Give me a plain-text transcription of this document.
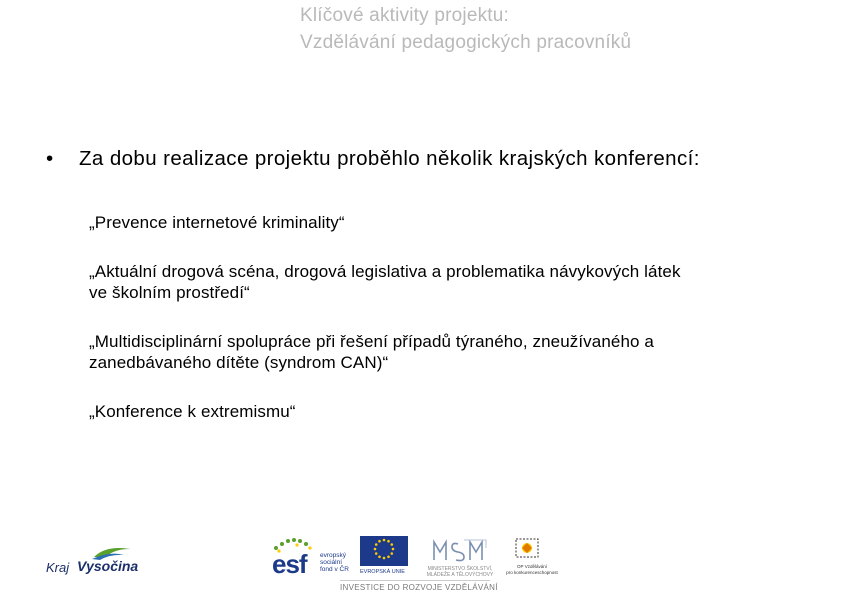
Klíčové aktivity projektu:
Vzdělávání pedagogických pracovníků
• Za dobu realizace projektu proběhlo několik krajských konferencí:
„Prevence internetové kriminality“
„Aktuální drogová scéna, drogová legislativa a problematika návykových látek
ve školním prostředí“
„Multidisciplinární spolupráce při řešení případů týraného, zneužívaného a
zanedbávaného dítěte (syndrom CAN)“
„Konference k extremismu“
Kraj Vysočina	esf evropský
sociální
fond v ČR EVROPSKÁ UNIE	MINISTERSTVO ŠKOLSTVÍ,
MLÁDEŽE A TĚLOVÝCHOVY
OP Vzdělávání
pro konkurenceschopnost
INVESTICE DO ROZVOJE VZDĚLÁVÁNÍ
